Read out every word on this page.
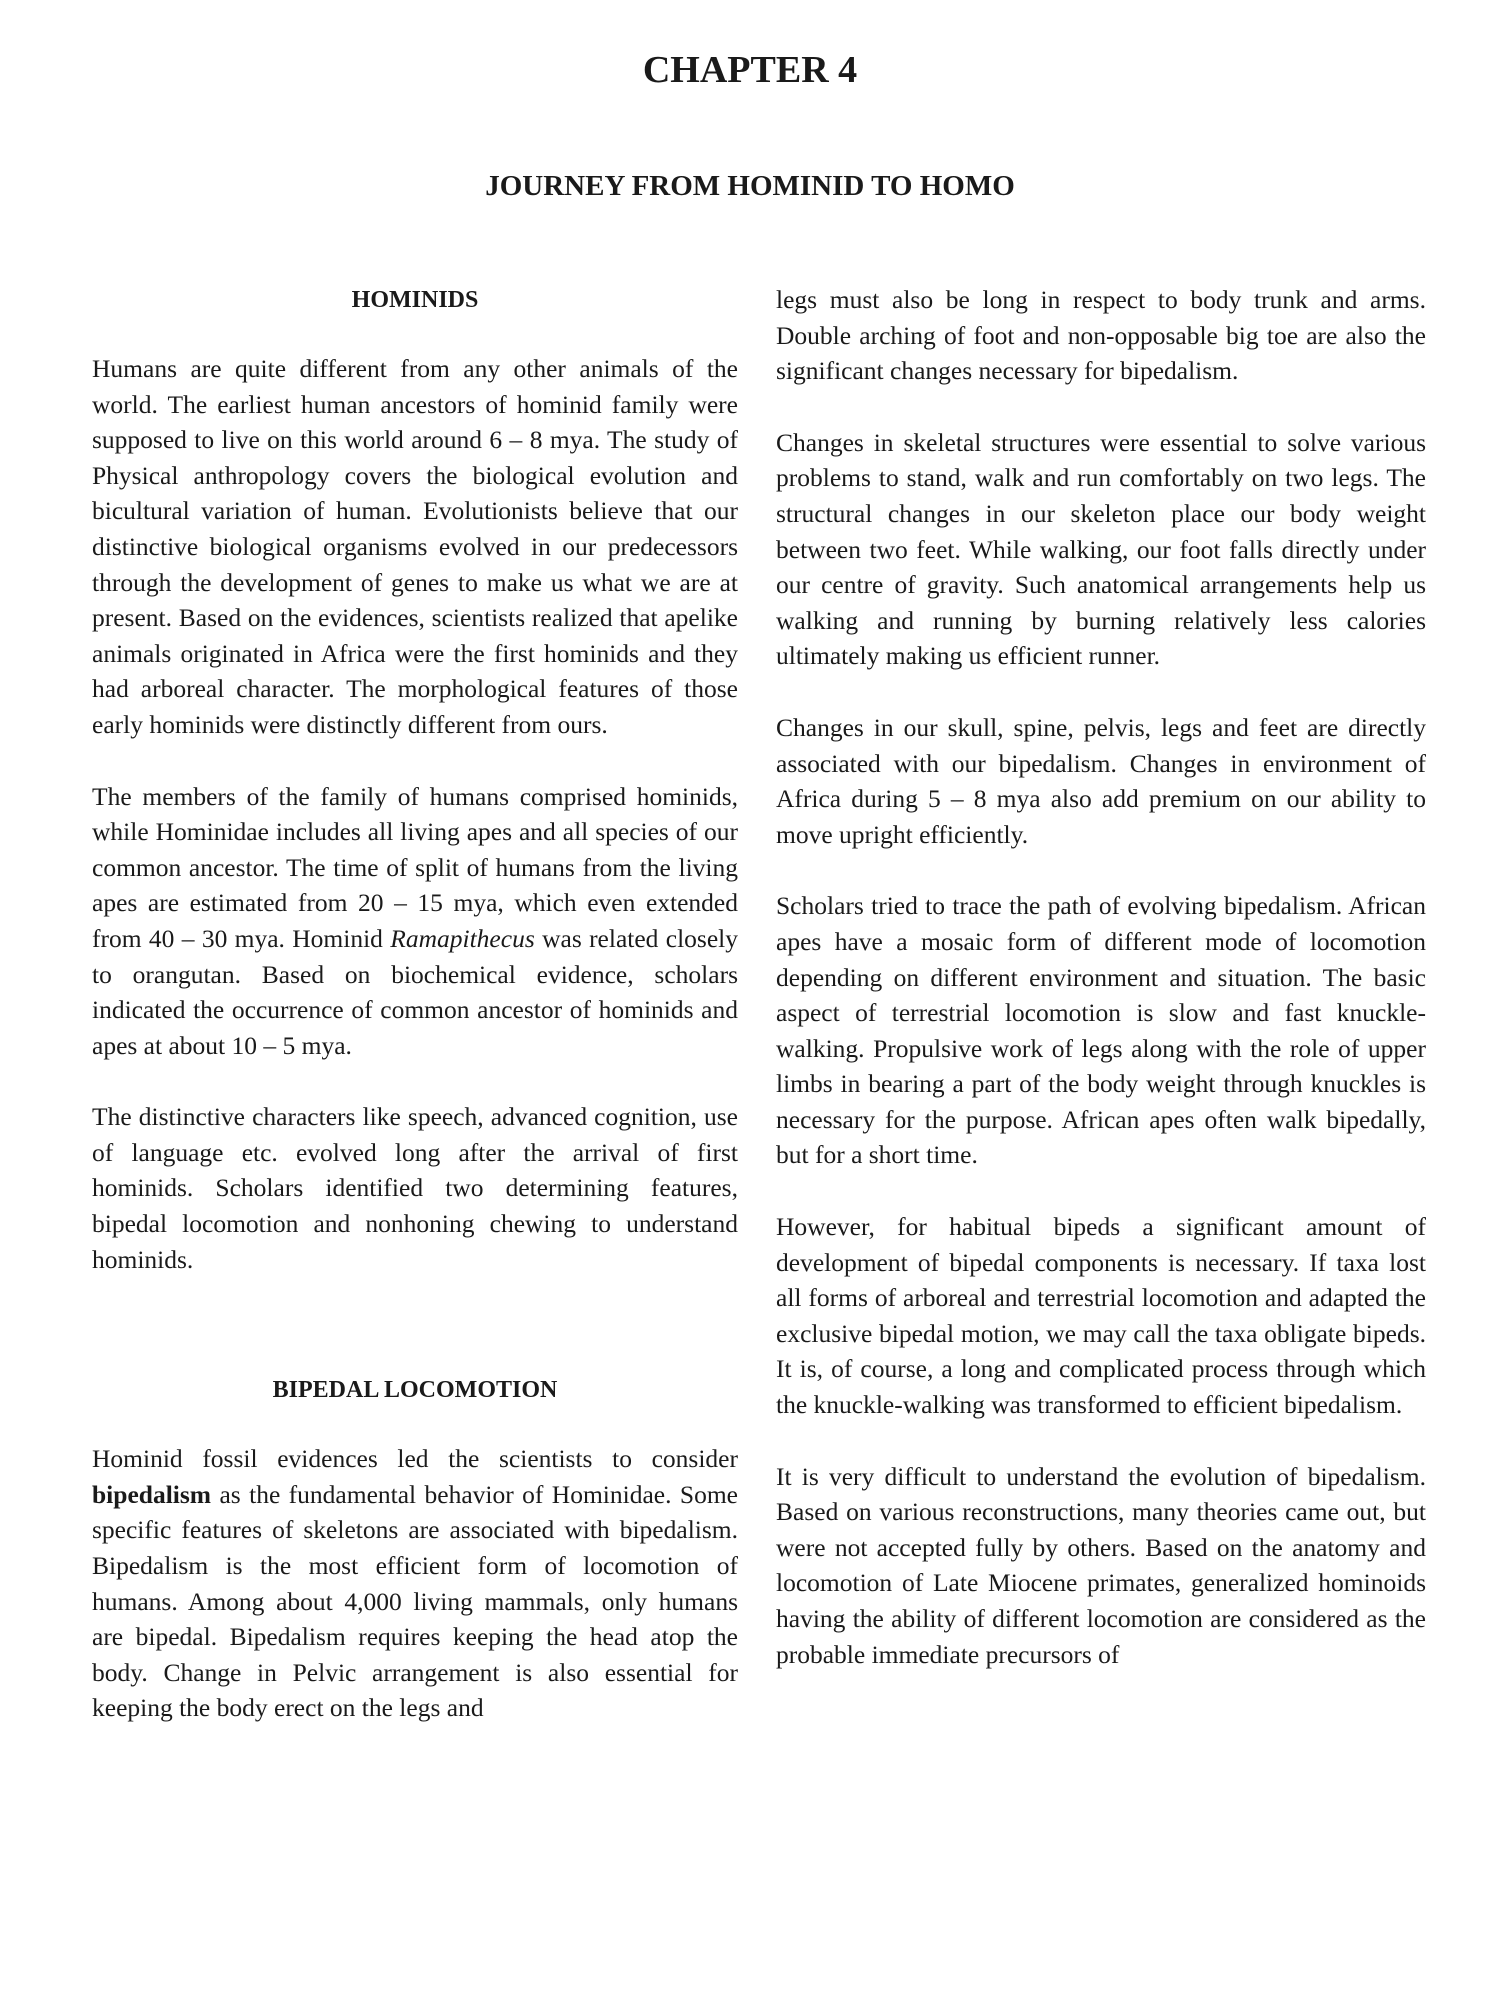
CHAPTER 4
JOURNEY FROM HOMINID TO HOMO
HOMINIDS

Humans are quite different from any other animals of the world. The earliest human ancestors of hominid family were supposed to live on this world around 6 – 8 mya. The study of Physical anthropology covers the biological evolution and bicultural variation of human. Evolutionists believe that our distinctive biological organisms evolved in our predecessors through the development of genes to make us what we are at present. Based on the evidences, scientists realized that apelike animals originated in Africa were the first hominids and they had arboreal character. The morphological features of those early hominids were distinctly different from ours.

The members of the family of humans comprised hominids, while Hominidae includes all living apes and all species of our common ancestor. The time of split of humans from the living apes are estimated from 20 – 15 mya, which even extended from 40 – 30 mya. Hominid Ramapithecus was related closely to orangutan. Based on biochemical evidence, scholars indicated the occurrence of common ancestor of hominids and apes at about 10 – 5 mya.

The distinctive characters like speech, advanced cognition, use of language etc. evolved long after the arrival of first hominids. Scholars identified two determining features, bipedal locomotion and nonhoning chewing to understand hominids.

BIPEDAL LOCOMOTION

Hominid fossil evidences led the scientists to consider bipedalism as the fundamental behavior of Hominidae. Some specific features of skeletons are associated with bipedalism. Bipedalism is the most efficient form of locomotion of humans. Among about 4,000 living mammals, only humans are bipedal. Bipedalism requires keeping the head atop the body. Change in Pelvic arrangement is also essential for keeping the body erect on the legs and

legs must also be long in respect to body trunk and arms. Double arching of foot and non-opposable big toe are also the significant changes necessary for bipedalism.

Changes in skeletal structures were essential to solve various problems to stand, walk and run comfortably on two legs. The structural changes in our skeleton place our body weight between two feet. While walking, our foot falls directly under our centre of gravity. Such anatomical arrangements help us walking and running by burning relatively less calories ultimately making us efficient runner.

Changes in our skull, spine, pelvis, legs and feet are directly associated with our bipedalism. Changes in environment of Africa during 5 – 8 mya also add premium on our ability to move upright efficiently.

Scholars tried to trace the path of evolving bipedalism. African apes have a mosaic form of different mode of locomotion depending on different environment and situation. The basic aspect of terrestrial locomotion is slow and fast knuckle-walking. Propulsive work of legs along with the role of upper limbs in bearing a part of the body weight through knuckles is necessary for the purpose. African apes often walk bipedally, but for a short time.

However, for habitual bipeds a significant amount of development of bipedal components is necessary. If taxa lost all forms of arboreal and terrestrial locomotion and adapted the exclusive bipedal motion, we may call the taxa obligate bipeds. It is, of course, a long and complicated process through which the knuckle-walking was transformed to efficient bipedalism.

It is very difficult to understand the evolution of bipedalism. Based on various reconstructions, many theories came out, but were not accepted fully by others. Based on the anatomy and locomotion of Late Miocene primates, generalized hominoids having the ability of different locomotion are considered as the probable immediate precursors of
